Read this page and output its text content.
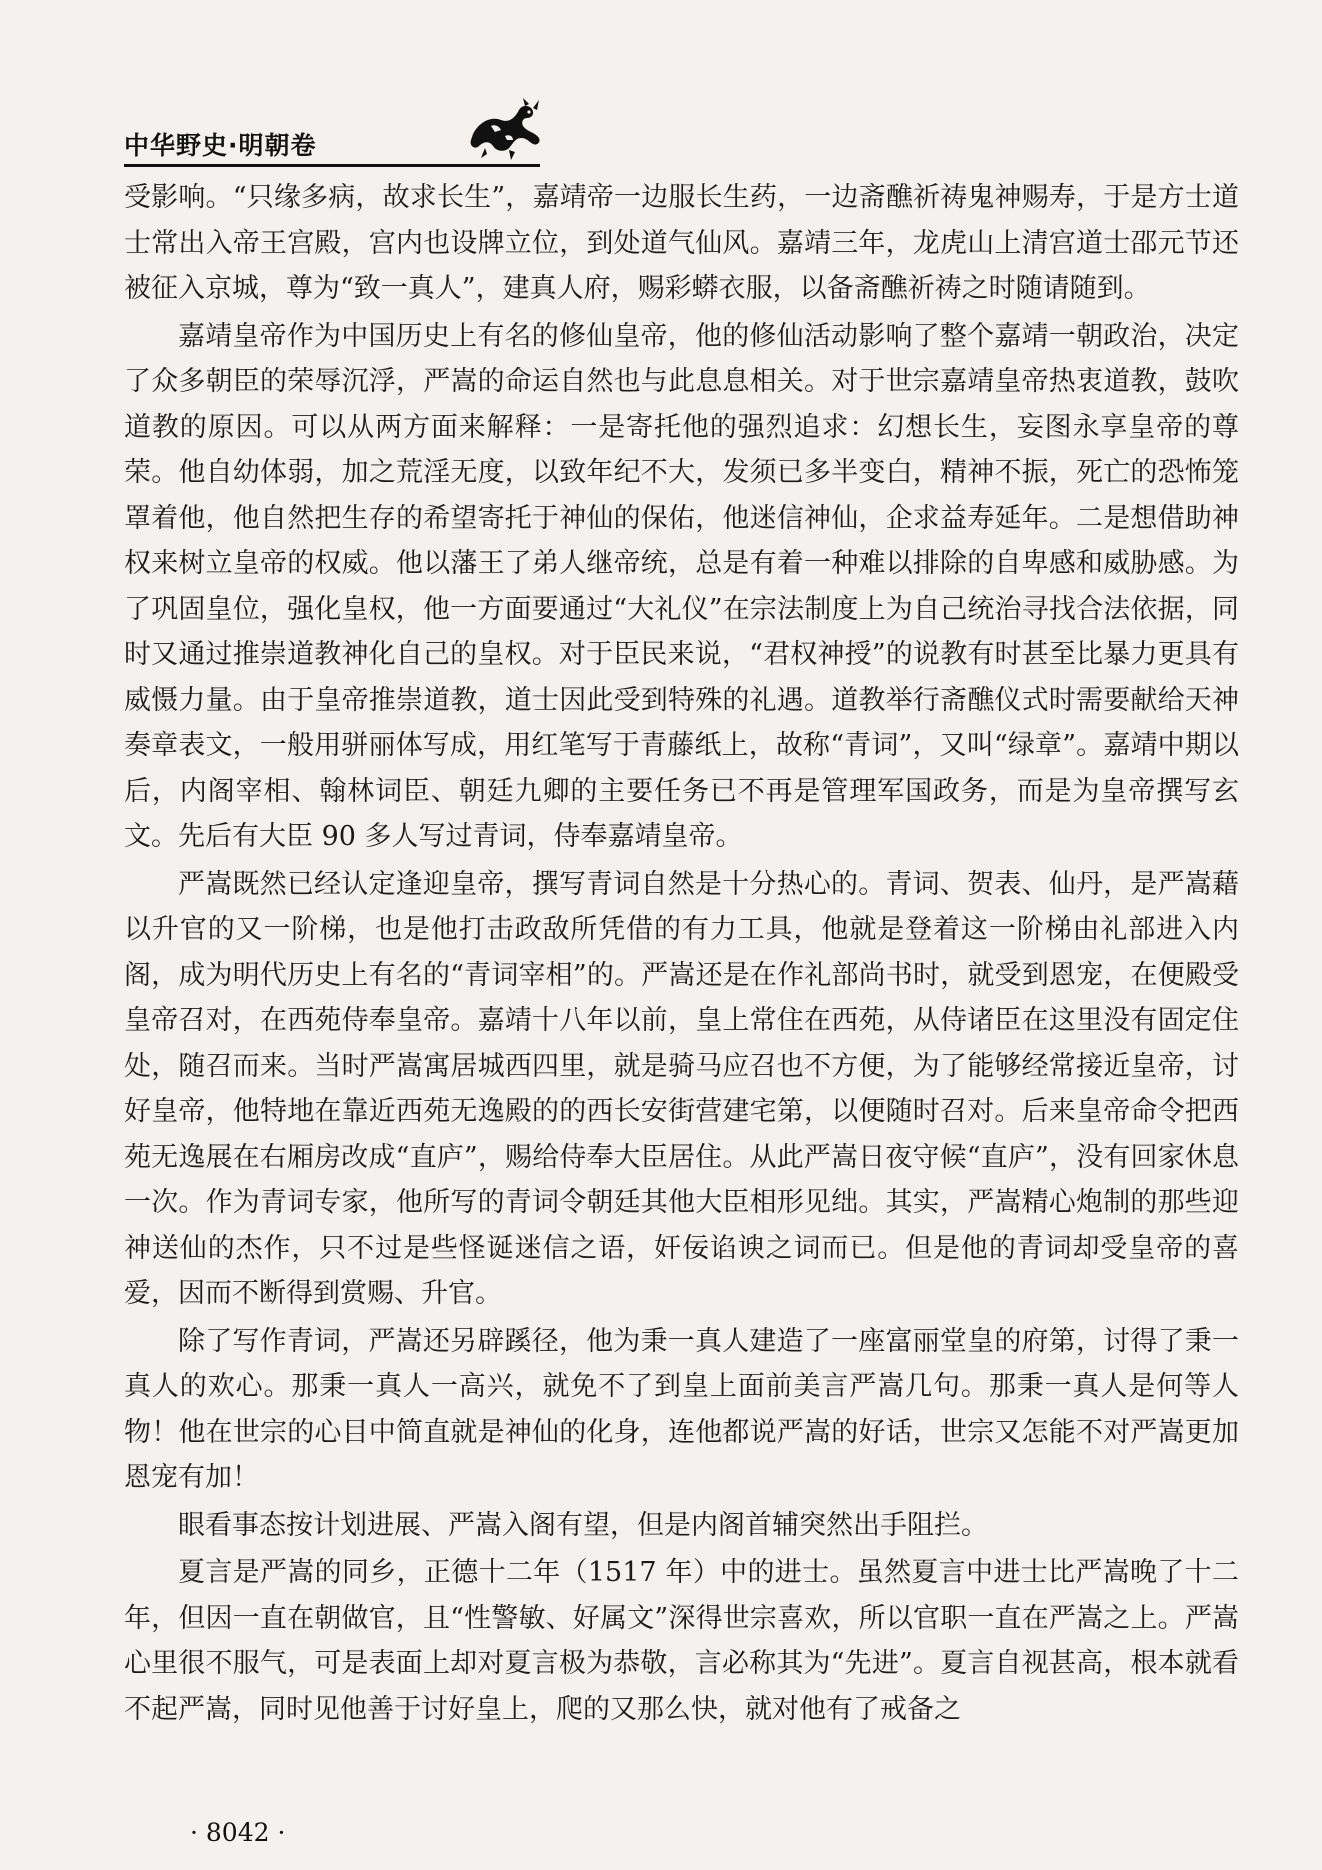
中华野史·明朝卷

受影响。“只缘多病，故求长生”，嘉靖帝一边服长生药，一边斋醮祈祷鬼神赐寿，于是方士道士常出入帝王宫殿，宫内也设牌立位，到处道气仙风。嘉靖三年，龙虎山上清宫道士邵元节还被征入京城，尊为“致一真人”，建真人府，赐彩蟒衣服，以备斋醮祈祷之时随请随到。

嘉靖皇帝作为中国历史上有名的修仙皇帝，他的修仙活动影响了整个嘉靖一朝政治，决定了众多朝臣的荣辱沉浮，严嵩的命运自然也与此息息相关。对于世宗嘉靖皇帝热衷道教，鼓吹道教的原因。可以从两方面来解释：一是寄托他的强烈追求：幻想长生，妄图永享皇帝的尊荣。他自幼体弱，加之荒淫无度，以致年纪不大，发须已多半变白，精神不振，死亡的恐怖笼罩着他，他自然把生存的希望寄托于神仙的保佑，他迷信神仙，企求益寿延年。二是想借助神权来树立皇帝的权威。他以藩王了弟人继帝统，总是有着一种难以排除的自卑感和威胁感。为了巩固皇位，强化皇权，他一方面要通过“大礼仪”在宗法制度上为自己统治寻找合法依据，同时又通过推崇道教神化自己的皇权。对于臣民来说，“君权神授”的说教有时甚至比暴力更具有威慑力量。由于皇帝推崇道教，道士因此受到特殊的礼遇。道教举行斋醮仪式时需要献给天神奏章表文，一般用骈丽体写成，用红笔写于青藤纸上，故称“青词”，又叫“绿章”。嘉靖中期以后，内阁宰相、翰林词臣、朝廷九卿的主要任务已不再是管理军国政务，而是为皇帝撰写玄文。先后有大臣 90 多人写过青词，侍奉嘉靖皇帝。

严嵩既然已经认定逢迎皇帝，撰写青词自然是十分热心的。青词、贺表、仙丹，是严嵩藉以升官的又一阶梯，也是他打击政敌所凭借的有力工具，他就是登着这一阶梯由礼部进入内阁，成为明代历史上有名的“青词宰相”的。严嵩还是在作礼部尚书时，就受到恩宠，在便殿受皇帝召对，在西苑侍奉皇帝。嘉靖十八年以前，皇上常住在西苑，从侍诸臣在这里没有固定住处，随召而来。当时严嵩寓居城西四里，就是骑马应召也不方便，为了能够经常接近皇帝，讨好皇帝，他特地在靠近西苑无逸殿的的西长安街营建宅第，以便随时召对。后来皇帝命令把西苑无逸展在右厢房改成“直庐”，赐给侍奉大臣居住。从此严嵩日夜守候“直庐”，没有回家休息一次。作为青词专家，他所写的青词令朝廷其他大臣相形见绌。其实，严嵩精心炮制的那些迎神送仙的杰作，只不过是些怪诞迷信之语，奸佞谄谀之词而已。但是他的青词却受皇帝的喜爱，因而不断得到赏赐、升官。

除了写作青词，严嵩还另辟蹊径，他为秉一真人建造了一座富丽堂皇的府第，讨得了秉一真人的欢心。那秉一真人一高兴，就免不了到皇上面前美言严嵩几句。那秉一真人是何等人物！他在世宗的心目中简直就是神仙的化身，连他都说严嵩的好话，世宗又怎能不对严嵩更加恩宠有加！

眼看事态按计划进展、严嵩入阁有望，但是内阁首辅突然出手阻拦。

夏言是严嵩的同乡，正德十二年（1517 年）中的进士。虽然夏言中进士比严嵩晚了十二年，但因一直在朝做官，且“性警敏、好属文”深得世宗喜欢，所以官职一直在严嵩之上。严嵩心里很不服气，可是表面上却对夏言极为恭敬，言必称其为“先进”。夏言自视甚高，根本就看不起严嵩，同时见他善于讨好皇上，爬的又那么快，就对他有了戒备之

· 8042 ·
